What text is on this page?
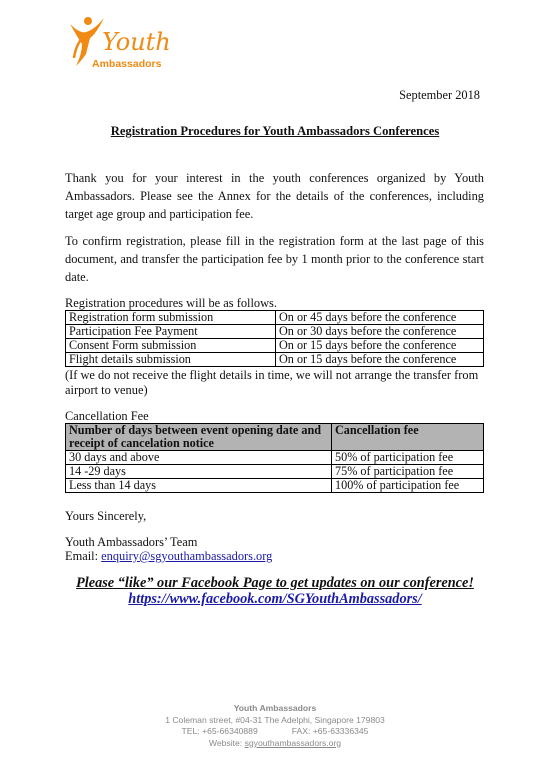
Youth
Ambassadors
September 2018
Registration Procedures for Youth Ambassadors Conferences
Thank you for your interest in the youth conferences organized by Youth Ambassadors. Please see the Annex for the details of the conferences, including target age group and participation fee.
To confirm registration, please fill in the registration form at the last page of this document, and transfer the participation fee by 1 month prior to the conference start date.
Registration procedures will be as follows.
Registration form submission	On or 45 days before the conference
Participation Fee Payment	On or 30 days before the conference
Consent Form submission	On or 15 days before the conference
Flight details submission	On or 15 days before the conference
(If we do not receive the flight details in time, we will not arrange the transfer from airport to venue)
Cancellation Fee
Number of days between event opening date and receipt of cancelation notice	Cancellation fee
30 days and above	50% of participation fee
14 -29 days	75% of participation fee
Less than 14 days	100% of participation fee
Yours Sincerely,
Youth Ambassadors’ Team
Email: enquiry@sgyouthambassadors.org
Please “like” our Facebook Page to get updates on our conference!
https://www.facebook.com/SGYouthAmbassadors/
Youth Ambassadors
1 Coleman street, #04-31 The Adelphi, Singapore 179803
TEL: +65-66340889	FAX: +65-63336345
Website: sgyouthambassadors.org
